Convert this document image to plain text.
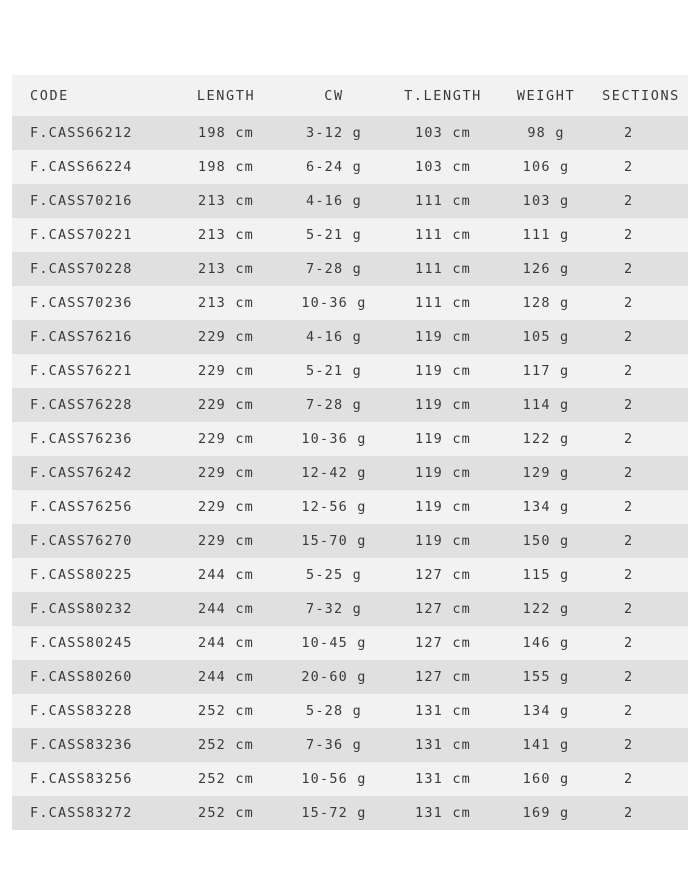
CODE	LENGTH	CW	T.LENGTH	WEIGHT	SECTIONS
F.CASS66212	198 cm	3-12 g	103 cm	98 g	2
F.CASS66224	198 cm	6-24 g	103 cm	106 g	2
F.CASS70216	213 cm	4-16 g	111 cm	103 g	2
F.CASS70221	213 cm	5-21 g	111 cm	111 g	2
F.CASS70228	213 cm	7-28 g	111 cm	126 g	2
F.CASS70236	213 cm	10-36 g	111 cm	128 g	2
F.CASS76216	229 cm	4-16 g	119 cm	105 g	2
F.CASS76221	229 cm	5-21 g	119 cm	117 g	2
F.CASS76228	229 cm	7-28 g	119 cm	114 g	2
F.CASS76236	229 cm	10-36 g	119 cm	122 g	2
F.CASS76242	229 cm	12-42 g	119 cm	129 g	2
F.CASS76256	229 cm	12-56 g	119 cm	134 g	2
F.CASS76270	229 cm	15-70 g	119 cm	150 g	2
F.CASS80225	244 cm	5-25 g	127 cm	115 g	2
F.CASS80232	244 cm	7-32 g	127 cm	122 g	2
F.CASS80245	244 cm	10-45 g	127 cm	146 g	2
F.CASS80260	244 cm	20-60 g	127 cm	155 g	2
F.CASS83228	252 cm	5-28 g	131 cm	134 g	2
F.CASS83236	252 cm	7-36 g	131 cm	141 g	2
F.CASS83256	252 cm	10-56 g	131 cm	160 g	2
F.CASS83272	252 cm	15-72 g	131 cm	169 g	2
